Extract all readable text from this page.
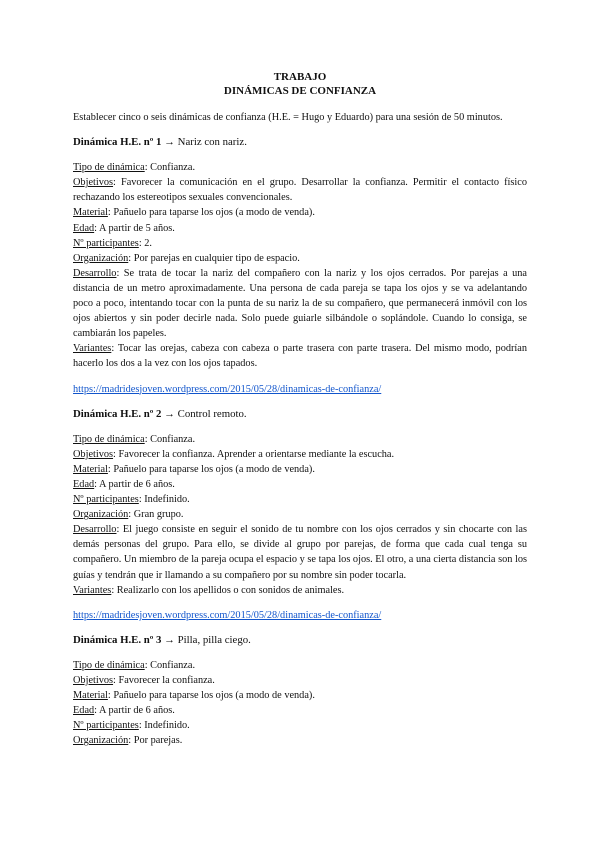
TRABAJO
DINÁMICAS DE CONFIANZA

Establecer cinco o seis dinámicas de confianza (H.E. = Hugo y Eduardo) para una sesión de 50 minutos.

Dinámica H.E. nº 1 → Nariz con nariz.

Tipo de dinámica: Confianza.

Objetivos: Favorecer la comunicación en el grupo. Desarrollar la confianza. Permitir el contacto físico rechazando los estereotipos sexuales convencionales.

Material: Pañuelo para taparse los ojos (a modo de venda).

Edad: A partir de 5 años.

Nº participantes: 2.

Organización: Por parejas en cualquier tipo de espacio.

Desarrollo: Se trata de tocar la nariz del compañero con la nariz y los ojos cerrados. Por parejas a una distancia de un metro aproximadamente. Una persona de cada pareja se tapa los ojos y se va adelantando poco a poco, intentando tocar con la punta de su nariz la de su compañero, que permanecerá inmóvil con los ojos abiertos y sin poder decirle nada. Solo puede guiarle silbándole o soplándole. Cuando lo consiga, se cambiarán los papeles.

Variantes: Tocar las orejas, cabeza con cabeza o parte trasera con parte trasera. Del mismo modo, podrían hacerlo los dos a la vez con los ojos tapados.

https://madridesjoven.wordpress.com/2015/05/28/dinamicas-de-confianza/

Dinámica H.E. nº 2 → Control remoto.

Tipo de dinámica: Confianza.

Objetivos: Favorecer la confianza. Aprender a orientarse mediante la escucha.

Material: Pañuelo para taparse los ojos (a modo de venda).

Edad: A partir de 6 años.

Nº participantes: Indefinido.

Organización: Gran grupo.

Desarrollo: El juego consiste en seguir el sonido de tu nombre con los ojos cerrados y sin chocarte con las demás personas del grupo. Para ello, se divide al grupo por parejas, de forma que cada cual tenga su compañero. Un miembro de la pareja ocupa el espacio y se tapa los ojos. El otro, a una cierta distancia son los guías y tendrán que ir llamando a su compañero por su nombre sin poder tocarla.

Variantes: Realizarlo con los apellidos o con sonidos de animales.

https://madridesjoven.wordpress.com/2015/05/28/dinamicas-de-confianza/

Dinámica H.E. nº 3 → Pilla, pilla ciego.

Tipo de dinámica: Confianza.

Objetivos: Favorecer la confianza.

Material: Pañuelo para taparse los ojos (a modo de venda).

Edad: A partir de 6 años.

Nº participantes: Indefinido.

Organización: Por parejas.
